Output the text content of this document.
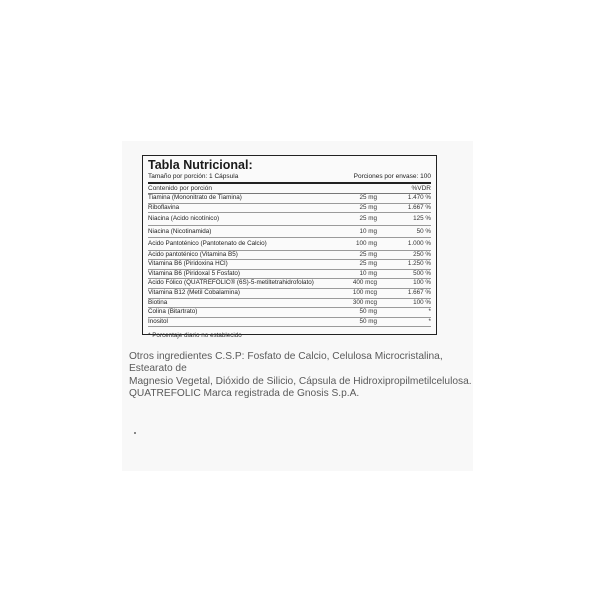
Tabla Nutricional:
Tamaño por porción: 1 Cápsula	Porciones por envase: 100
Contenido por porción	%VDR
Tiamina (Mononitrato de Tiamina)	25 mg	1.470 %
Riboflavina	25 mg	1.667 %
Niacina (Acido nicotínico)	25 mg	125 %
Niacina (Nicotinamida)	10 mg	50 %
Acido Pantoténico (Pantotenato de Calcio)	100 mg	1.000 %
Acido pantoténico (Vitamina B5)	25 mg	250 %
Vitamina B6 (Piridoxina HCl)	25 mg	1.250 %
Vitamina B6 (Piridoxal 5 Fosfato)	10 mg	500 %
Acido Fólico (QUATREFOLIC® (6S)-5-metiltetrahidrofolato)	400 mcg	100 %
Vitamina B12 (Metil Cobalamina)	100 mcg	1.667 %
Biotina	300 mcg	100 %
Colina (Bitartrato)	50 mg	*
Inositol	50 mg	*
* Porcentaje diario no establecido
Otros ingredientes C.S.P: Fosfato de Calcio, Celulosa Microcristalina, Estearato de
Magnesio Vegetal, Dióxido de Silicio, Cápsula de Hidroxipropilmetilcelulosa.
QUATREFOLIC Marca registrada de Gnosis S.p.A.
